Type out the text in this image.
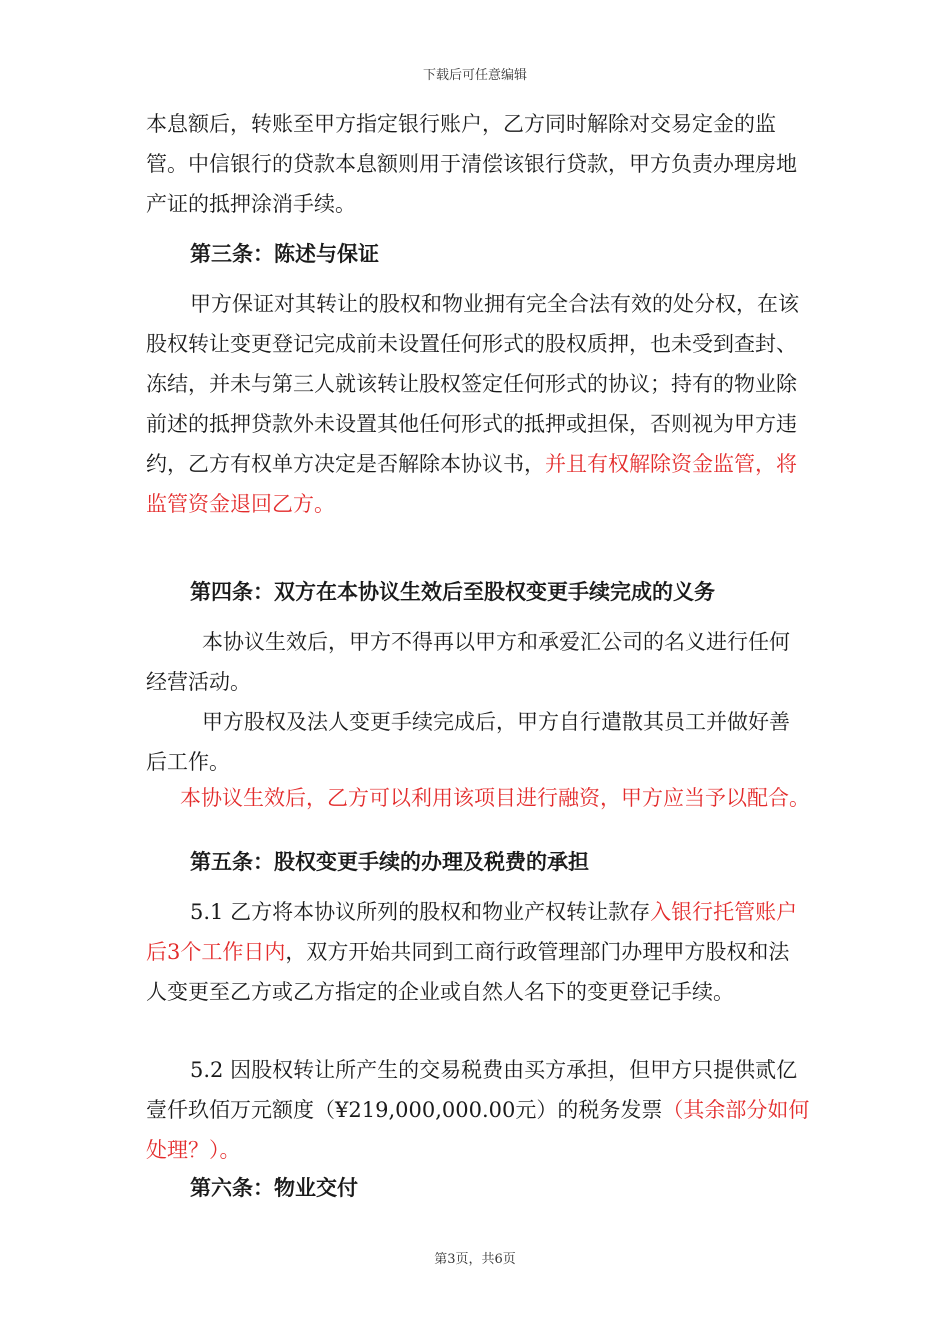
下载后可任意编辑

本息额后，转账至甲方指定银行账户，乙方同时解除对交易定金的监管。中信银行的贷款本息额则用于清偿该银行贷款，甲方负责办理房地产证的抵押涂消手续。

第三条：陈述与保证

甲方保证对其转让的股权和物业拥有完全合法有效的处分权，在该股权转让变更登记完成前未设置任何形式的股权质押，也未受到查封、冻结，并未与第三人就该转让股权签定任何形式的协议；持有的物业除前述的抵押贷款外未设置其他任何形式的抵押或担保，否则视为甲方违约，乙方有权单方决定是否解除本协议书，并且有权解除资金监管，将监管资金退回乙方。

第四条：双方在本协议生效后至股权变更手续完成的义务

本协议生效后，甲方不得再以甲方和承爱汇公司的名义进行任何经营活动。

甲方股权及法人变更手续完成后，甲方自行遣散其员工并做好善后工作。

本协议生效后，乙方可以利用该项目进行融资，甲方应当予以配合。

第五条：股权变更手续的办理及税费的承担

5.1 乙方将本协议所列的股权和物业产权转让款存入银行托管账户后3个工作日内，双方开始共同到工商行政管理部门办理甲方股权和法人变更至乙方或乙方指定的企业或自然人名下的变更登记手续。

5.2 因股权转让所产生的交易税费由买方承担，但甲方只提供贰亿壹仟玖佰万元额度（¥219,000,000.00元）的税务发票（其余部分如何处理？）。

第六条：物业交付

第3页，共6页
